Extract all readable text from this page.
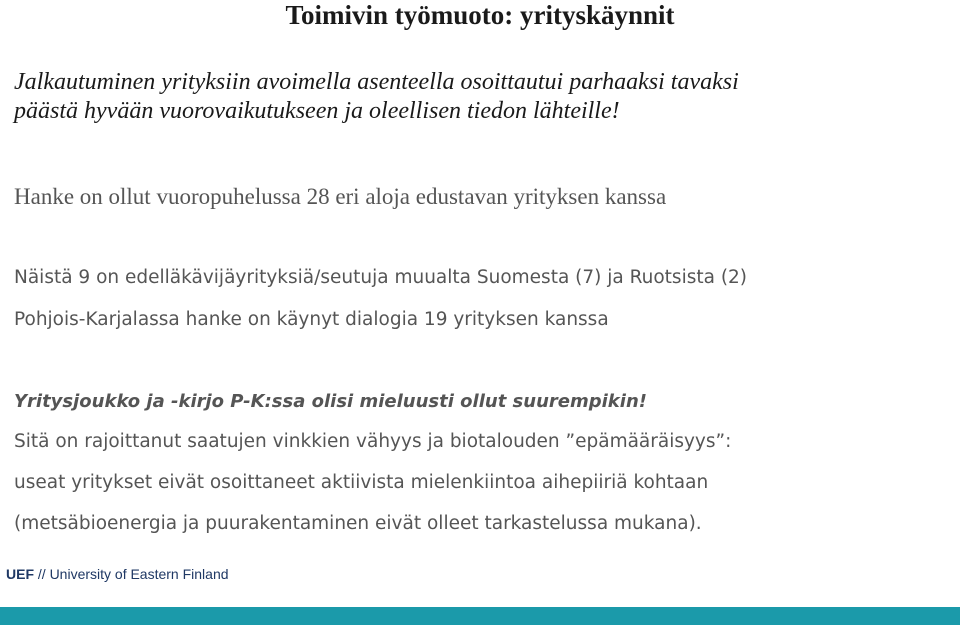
Toimivin työmuoto: yrityskäynnit
Jalkautuminen yrityksiin avoimella asenteella osoittautui parhaaksi tavaksi
päästä hyvään vuorovaikutukseen ja oleellisen tiedon lähteille!
Hanke on ollut vuoropuhelussa 28 eri aloja edustavan yrityksen kanssa
Näistä 9 on edelläkävijäyrityksiä/seutuja muualta Suomesta (7) ja Ruotsista (2)
Pohjois-Karjalassa hanke on käynyt dialogia 19 yrityksen kanssa
Yritysjoukko ja -kirjo P-K:ssa olisi mieluusti ollut suurempikin!
Sitä on rajoittanut saatujen vinkkien vähyys ja biotalouden ”epämääräisyys”:
useat yritykset eivät osoittaneet aktiivista mielenkiintoa aihepiiriä kohtaan
(metsäbioenergia ja puurakentaminen eivät olleet tarkastelussa mukana).
UEF // University of Eastern Finland
